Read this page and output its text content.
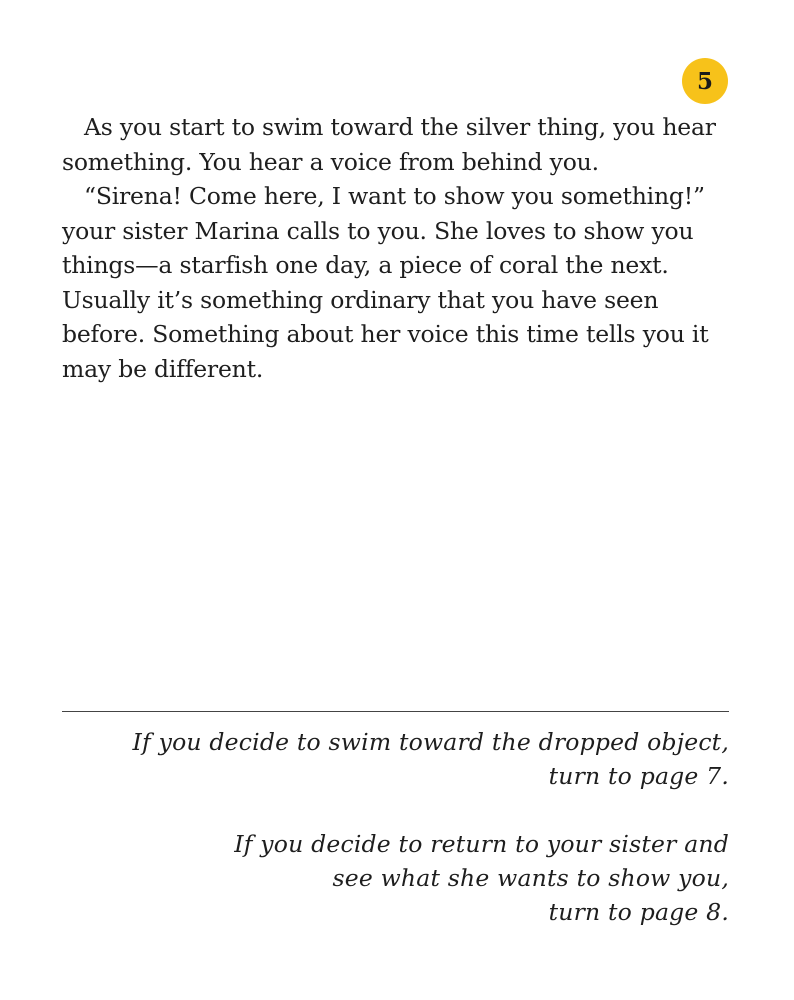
5

As you start to swim toward the silver thing, you hear something. You hear a voice from behind you.

“Sirena! Come here, I want to show you something!” your sister Marina calls to you. She loves to show you things—a starfish one day, a piece of coral the next. Usually it’s something ordinary that you have seen before. Something about her voice this time tells you it may be different.

If you decide to swim toward the dropped object,
turn to page 7.

If you decide to return to your sister and
see what she wants to show you,
turn to page 8.
